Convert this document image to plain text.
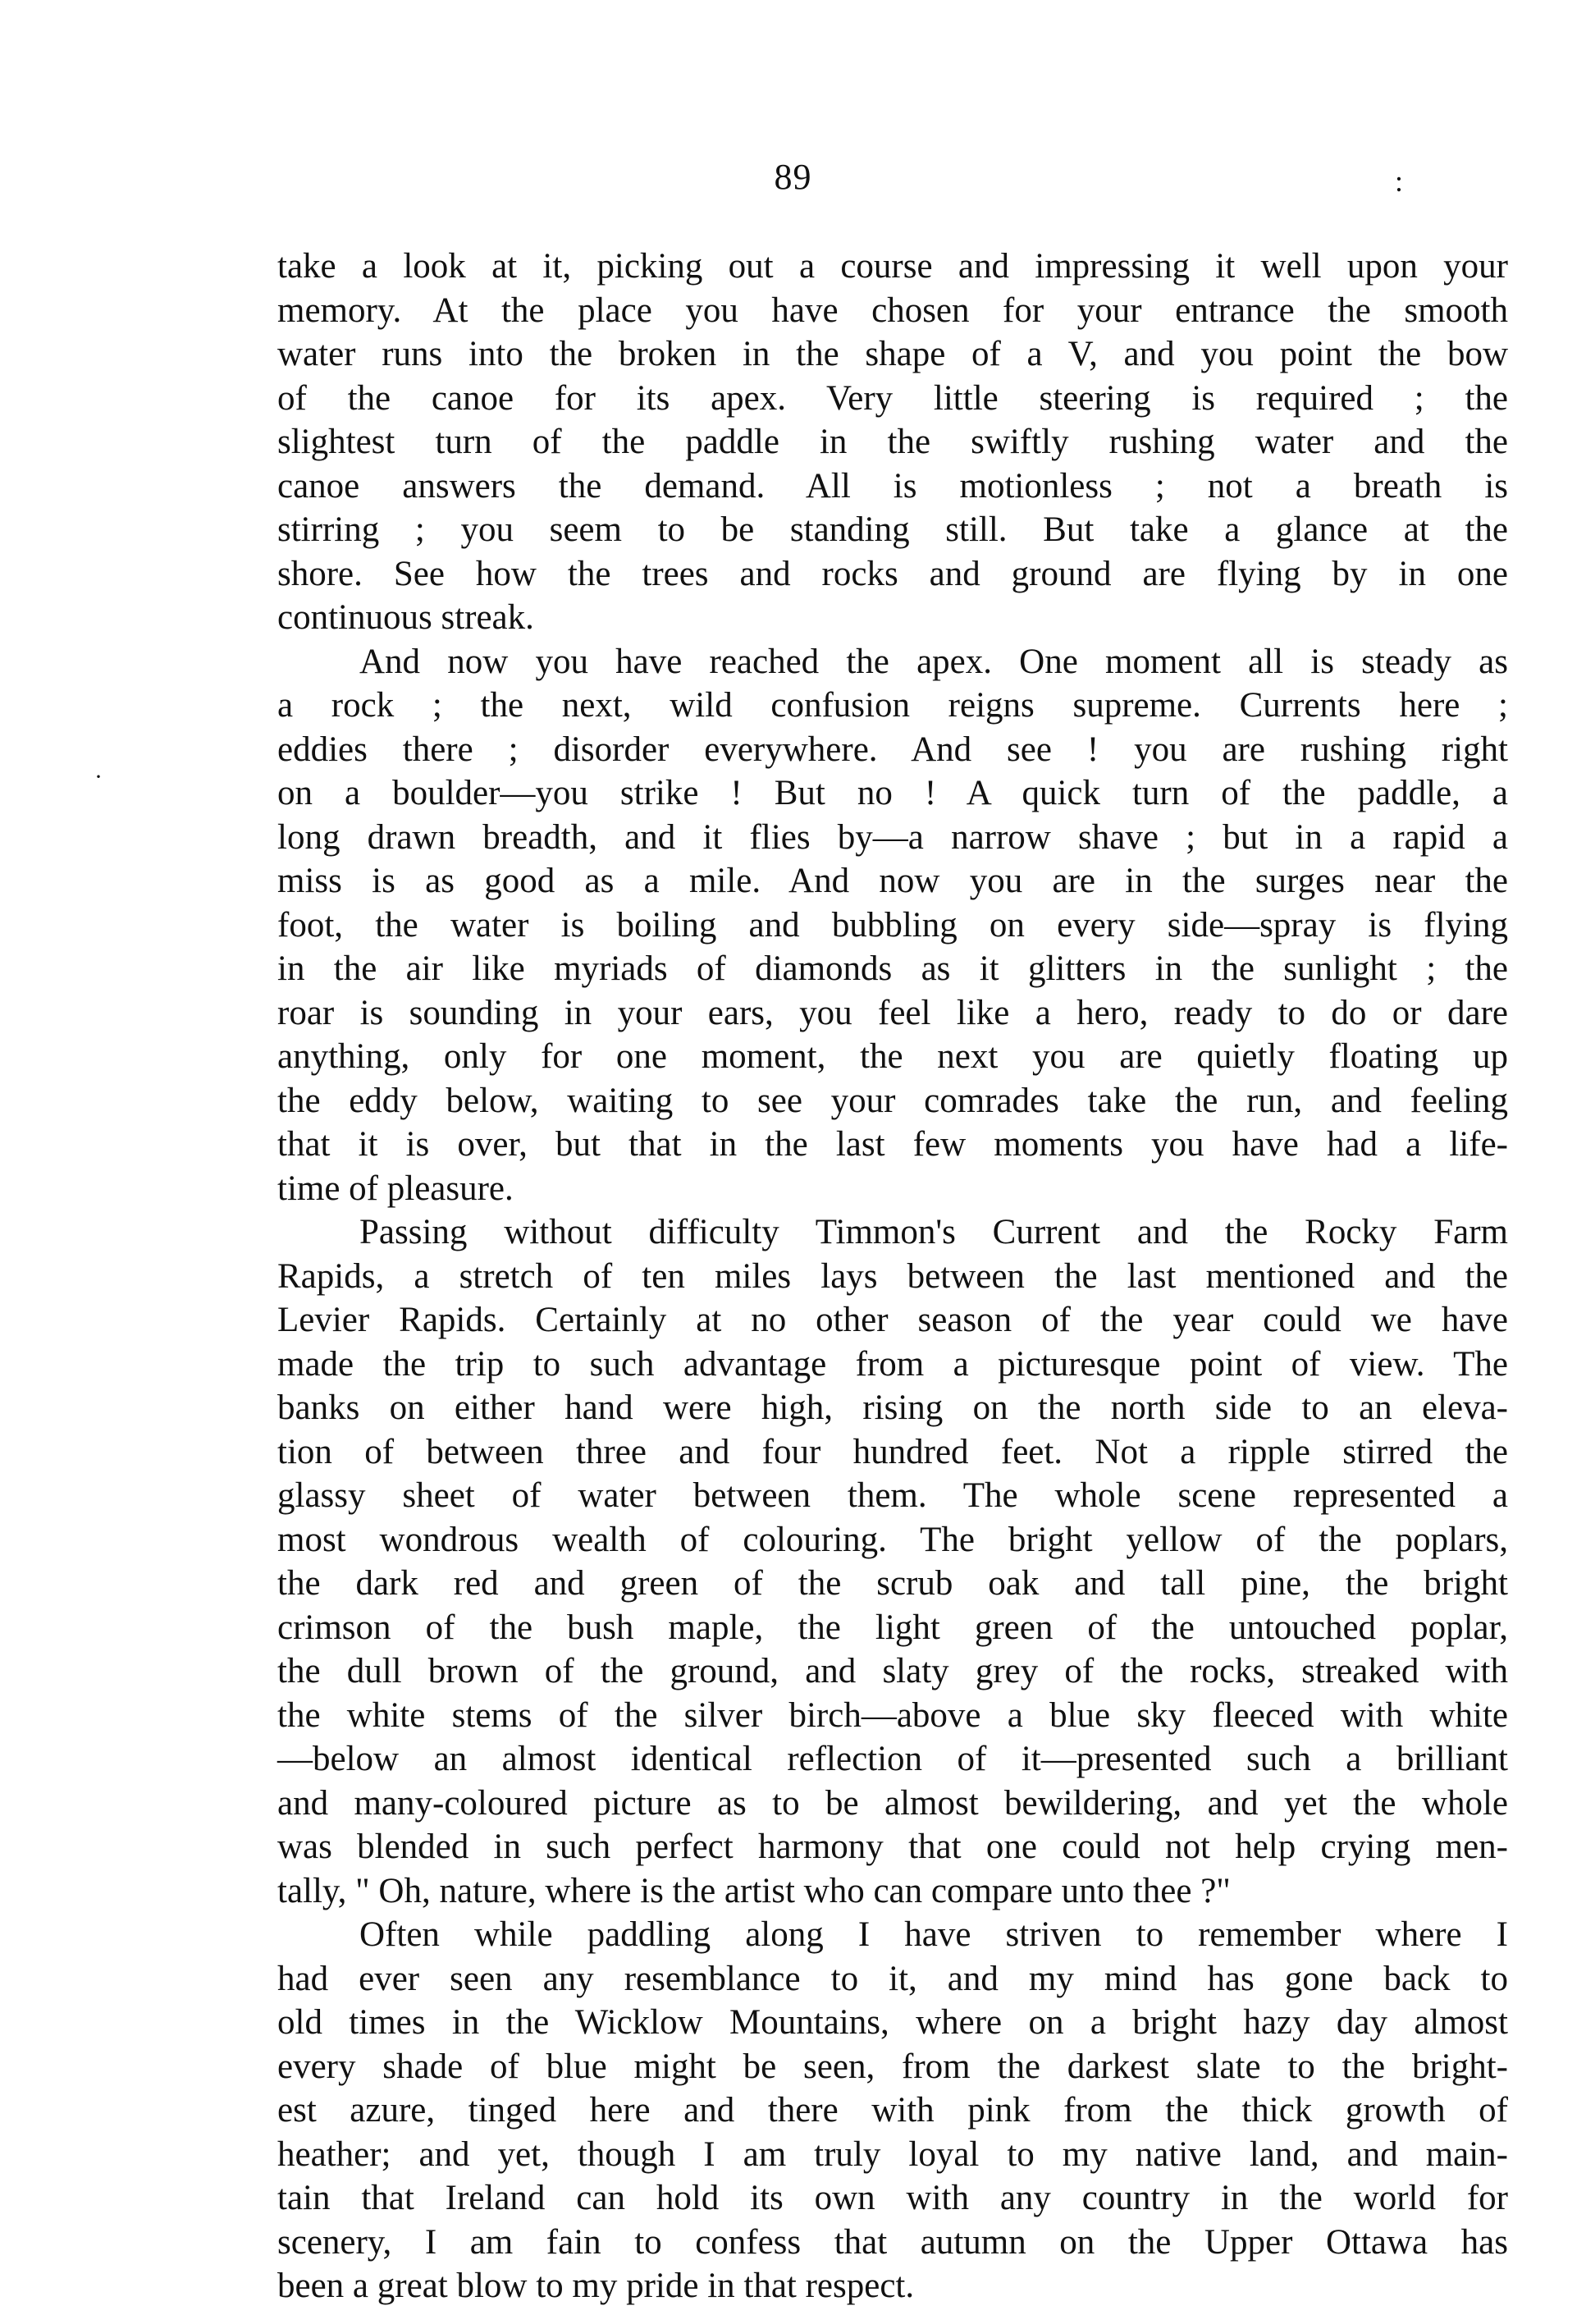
89	:
·
take a look at it, picking out a course and impressing it well upon your
memory. At the place you have chosen for your entrance the smooth
water runs into the broken in the shape of a V, and you point the bow
of the canoe for its apex. Very little steering is required ; the
slightest turn of the paddle in the swiftly rushing water and the
canoe answers the demand. All is motionless ; not a breath is
stirring ; you seem to be standing still. But take a glance at the
shore. See how the trees and rocks and ground are flying by in one
continuous streak.
And now you have reached the apex. One moment all is steady as
a rock ; the next, wild confusion reigns supreme. Currents here ;
eddies there ; disorder everywhere. And see ! you are rushing right
on a boulder—you strike ! But no ! A quick turn of the paddle, a
long drawn breadth, and it flies by—a narrow shave ; but in a rapid a
miss is as good as a mile. And now you are in the surges near the
foot, the water is boiling and bubbling on every side—spray is flying
in the air like myriads of diamonds as it glitters in the sunlight ; the
roar is sounding in your ears, you feel like a hero, ready to do or dare
anything, only for one moment, the next you are quietly floating up
the eddy below, waiting to see your comrades take the run, and feeling
that it is over, but that in the last few moments you have had a life-
time of pleasure.
Passing without difficulty Timmon's Current and the Rocky Farm
Rapids, a stretch of ten miles lays between the last mentioned and the
Levier Rapids. Certainly at no other season of the year could we have
made the trip to such advantage from a picturesque point of view. The
banks on either hand were high, rising on the north side to an eleva-
tion of between three and four hundred feet. Not a ripple stirred the
glassy sheet of water between them. The whole scene represented a
most wondrous wealth of colouring. The bright yellow of the poplars,
the dark red and green of the scrub oak and tall pine, the bright
crimson of the bush maple, the light green of the untouched poplar,
the dull brown of the ground, and slaty grey of the rocks, streaked with
the white stems of the silver birch—above a blue sky fleeced with white
—below an almost identical reflection of it—presented such a brilliant
and many-coloured picture as to be almost bewildering, and yet the whole
was blended in such perfect harmony that one could not help crying men-
tally, " Oh, nature, where is the artist who can compare unto thee ?"
Often while paddling along I have striven to remember where I
had ever seen any resemblance to it, and my mind has gone back to
old times in the Wicklow Mountains, where on a bright hazy day almost
every shade of blue might be seen, from the darkest slate to the bright-
est azure, tinged here and there with pink from the thick growth of
heather; and yet, though I am truly loyal to my native land, and main-
tain that Ireland can hold its own with any country in the world for
scenery, I am fain to confess that autumn on the Upper Ottawa has
been a great blow to my pride in that respect.
